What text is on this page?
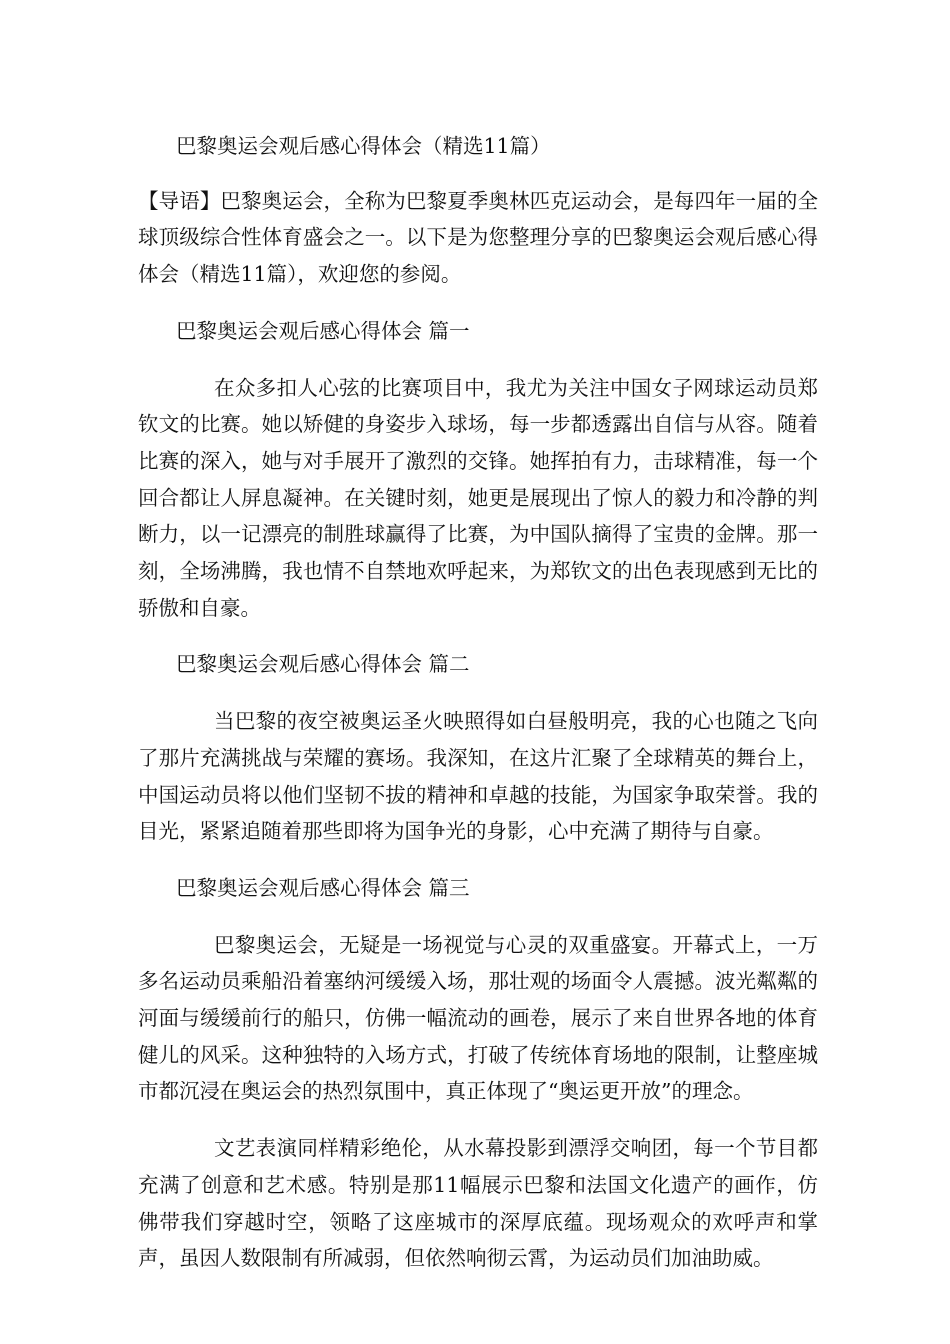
巴黎奥运会观后感心得体会（精选11篇）

【导语】巴黎奥运会，全称为巴黎夏季奥林匹克运动会，是每四年一届的全球顶级综合性体育盛会之一。以下是为您整理分享的巴黎奥运会观后感心得体会（精选11篇），欢迎您的参阅。

巴黎奥运会观后感心得体会 篇一

在众多扣人心弦的比赛项目中，我尤为关注中国女子网球运动员郑钦文的比赛。她以矫健的身姿步入球场，每一步都透露出自信与从容。随着比赛的深入，她与对手展开了激烈的交锋。她挥拍有力，击球精准，每一个回合都让人屏息凝神。在关键时刻，她更是展现出了惊人的毅力和冷静的判断力，以一记漂亮的制胜球赢得了比赛，为中国队摘得了宝贵的金牌。那一刻，全场沸腾，我也情不自禁地欢呼起来，为郑钦文的出色表现感到无比的骄傲和自豪。

巴黎奥运会观后感心得体会 篇二

当巴黎的夜空被奥运圣火映照得如白昼般明亮，我的心也随之飞向了那片充满挑战与荣耀的赛场。我深知，在这片汇聚了全球精英的舞台上，中国运动员将以他们坚韧不拔的精神和卓越的技能，为国家争取荣誉。我的目光，紧紧追随着那些即将为国争光的身影，心中充满了期待与自豪。

巴黎奥运会观后感心得体会 篇三

巴黎奥运会，无疑是一场视觉与心灵的双重盛宴。开幕式上，一万多名运动员乘船沿着塞纳河缓缓入场，那壮观的场面令人震撼。波光粼粼的河面与缓缓前行的船只，仿佛一幅流动的画卷，展示了来自世界各地的体育健儿的风采。这种独特的入场方式，打破了传统体育场地的限制，让整座城市都沉浸在奥运会的热烈氛围中，真正体现了“奥运更开放”的理念。

文艺表演同样精彩绝伦，从水幕投影到漂浮交响团，每一个节目都充满了创意和艺术感。特别是那11幅展示巴黎和法国文化遗产的画作，仿佛带我们穿越时空，领略了这座城市的深厚底蕴。现场观众的欢呼声和掌声，虽因人数限制有所减弱，但依然响彻云霄，为运动员们加油助威。
